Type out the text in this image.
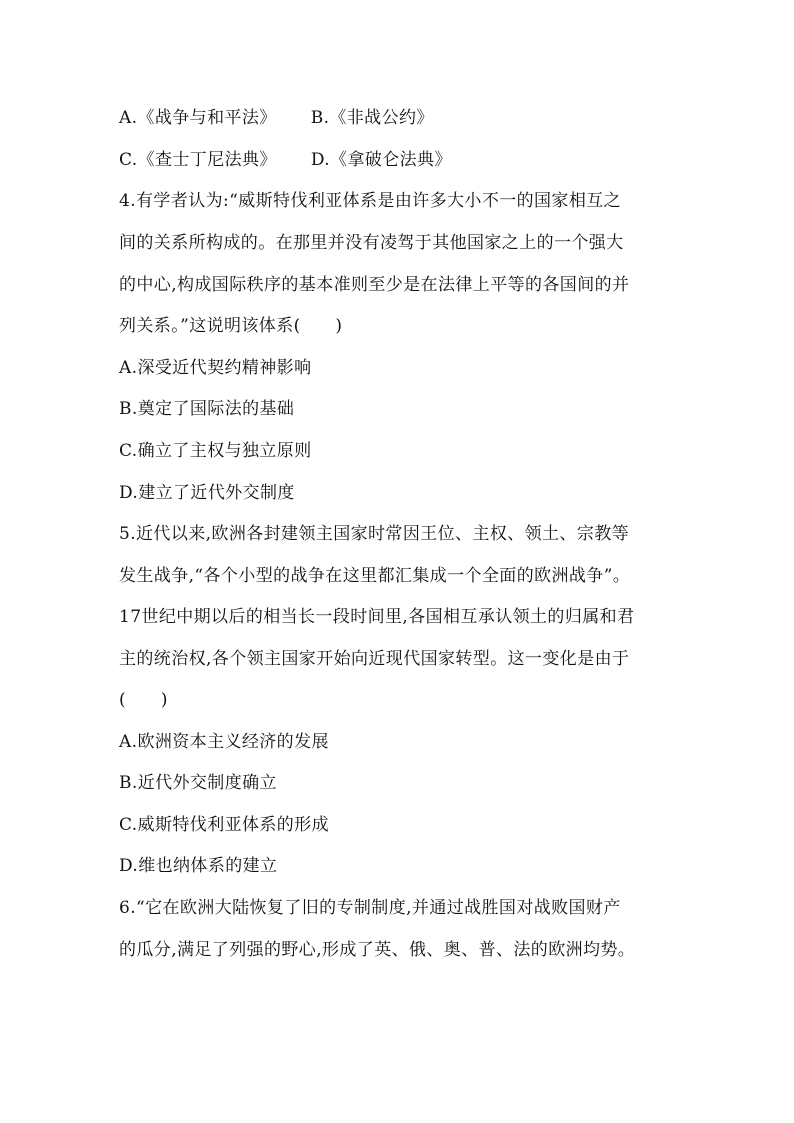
A.《战争与和平法》 B.《非战公约》
C.《查士丁尼法典》 D.《拿破仑法典》
4.有学者认为:“威斯特伐利亚体系是由许多大小不一的国家相互之
间的关系所构成的。在那里并没有凌驾于其他国家之上的一个强大
的中心,构成国际秩序的基本准则至少是在法律上平等的各国间的并
列关系。”这说明该体系(　　)
A.深受近代契约精神影响
B.奠定了国际法的基础
C.确立了主权与独立原则
D.建立了近代外交制度
5.近代以来,欧洲各封建领主国家时常因王位、主权、领土、宗教等
发生战争,“各个小型的战争在这里都汇集成一个全面的欧洲战争”。
17世纪中期以后的相当长一段时间里,各国相互承认领土的归属和君
主的统治权,各个领主国家开始向近现代国家转型。这一变化是由于
(　　)
A.欧洲资本主义经济的发展
B.近代外交制度确立
C.威斯特伐利亚体系的形成
D.维也纳体系的建立
6.“它在欧洲大陆恢复了旧的专制制度,并通过战胜国对战败国财产
的瓜分,满足了列强的野心,形成了英、俄、奥、普、法的欧洲均势。
